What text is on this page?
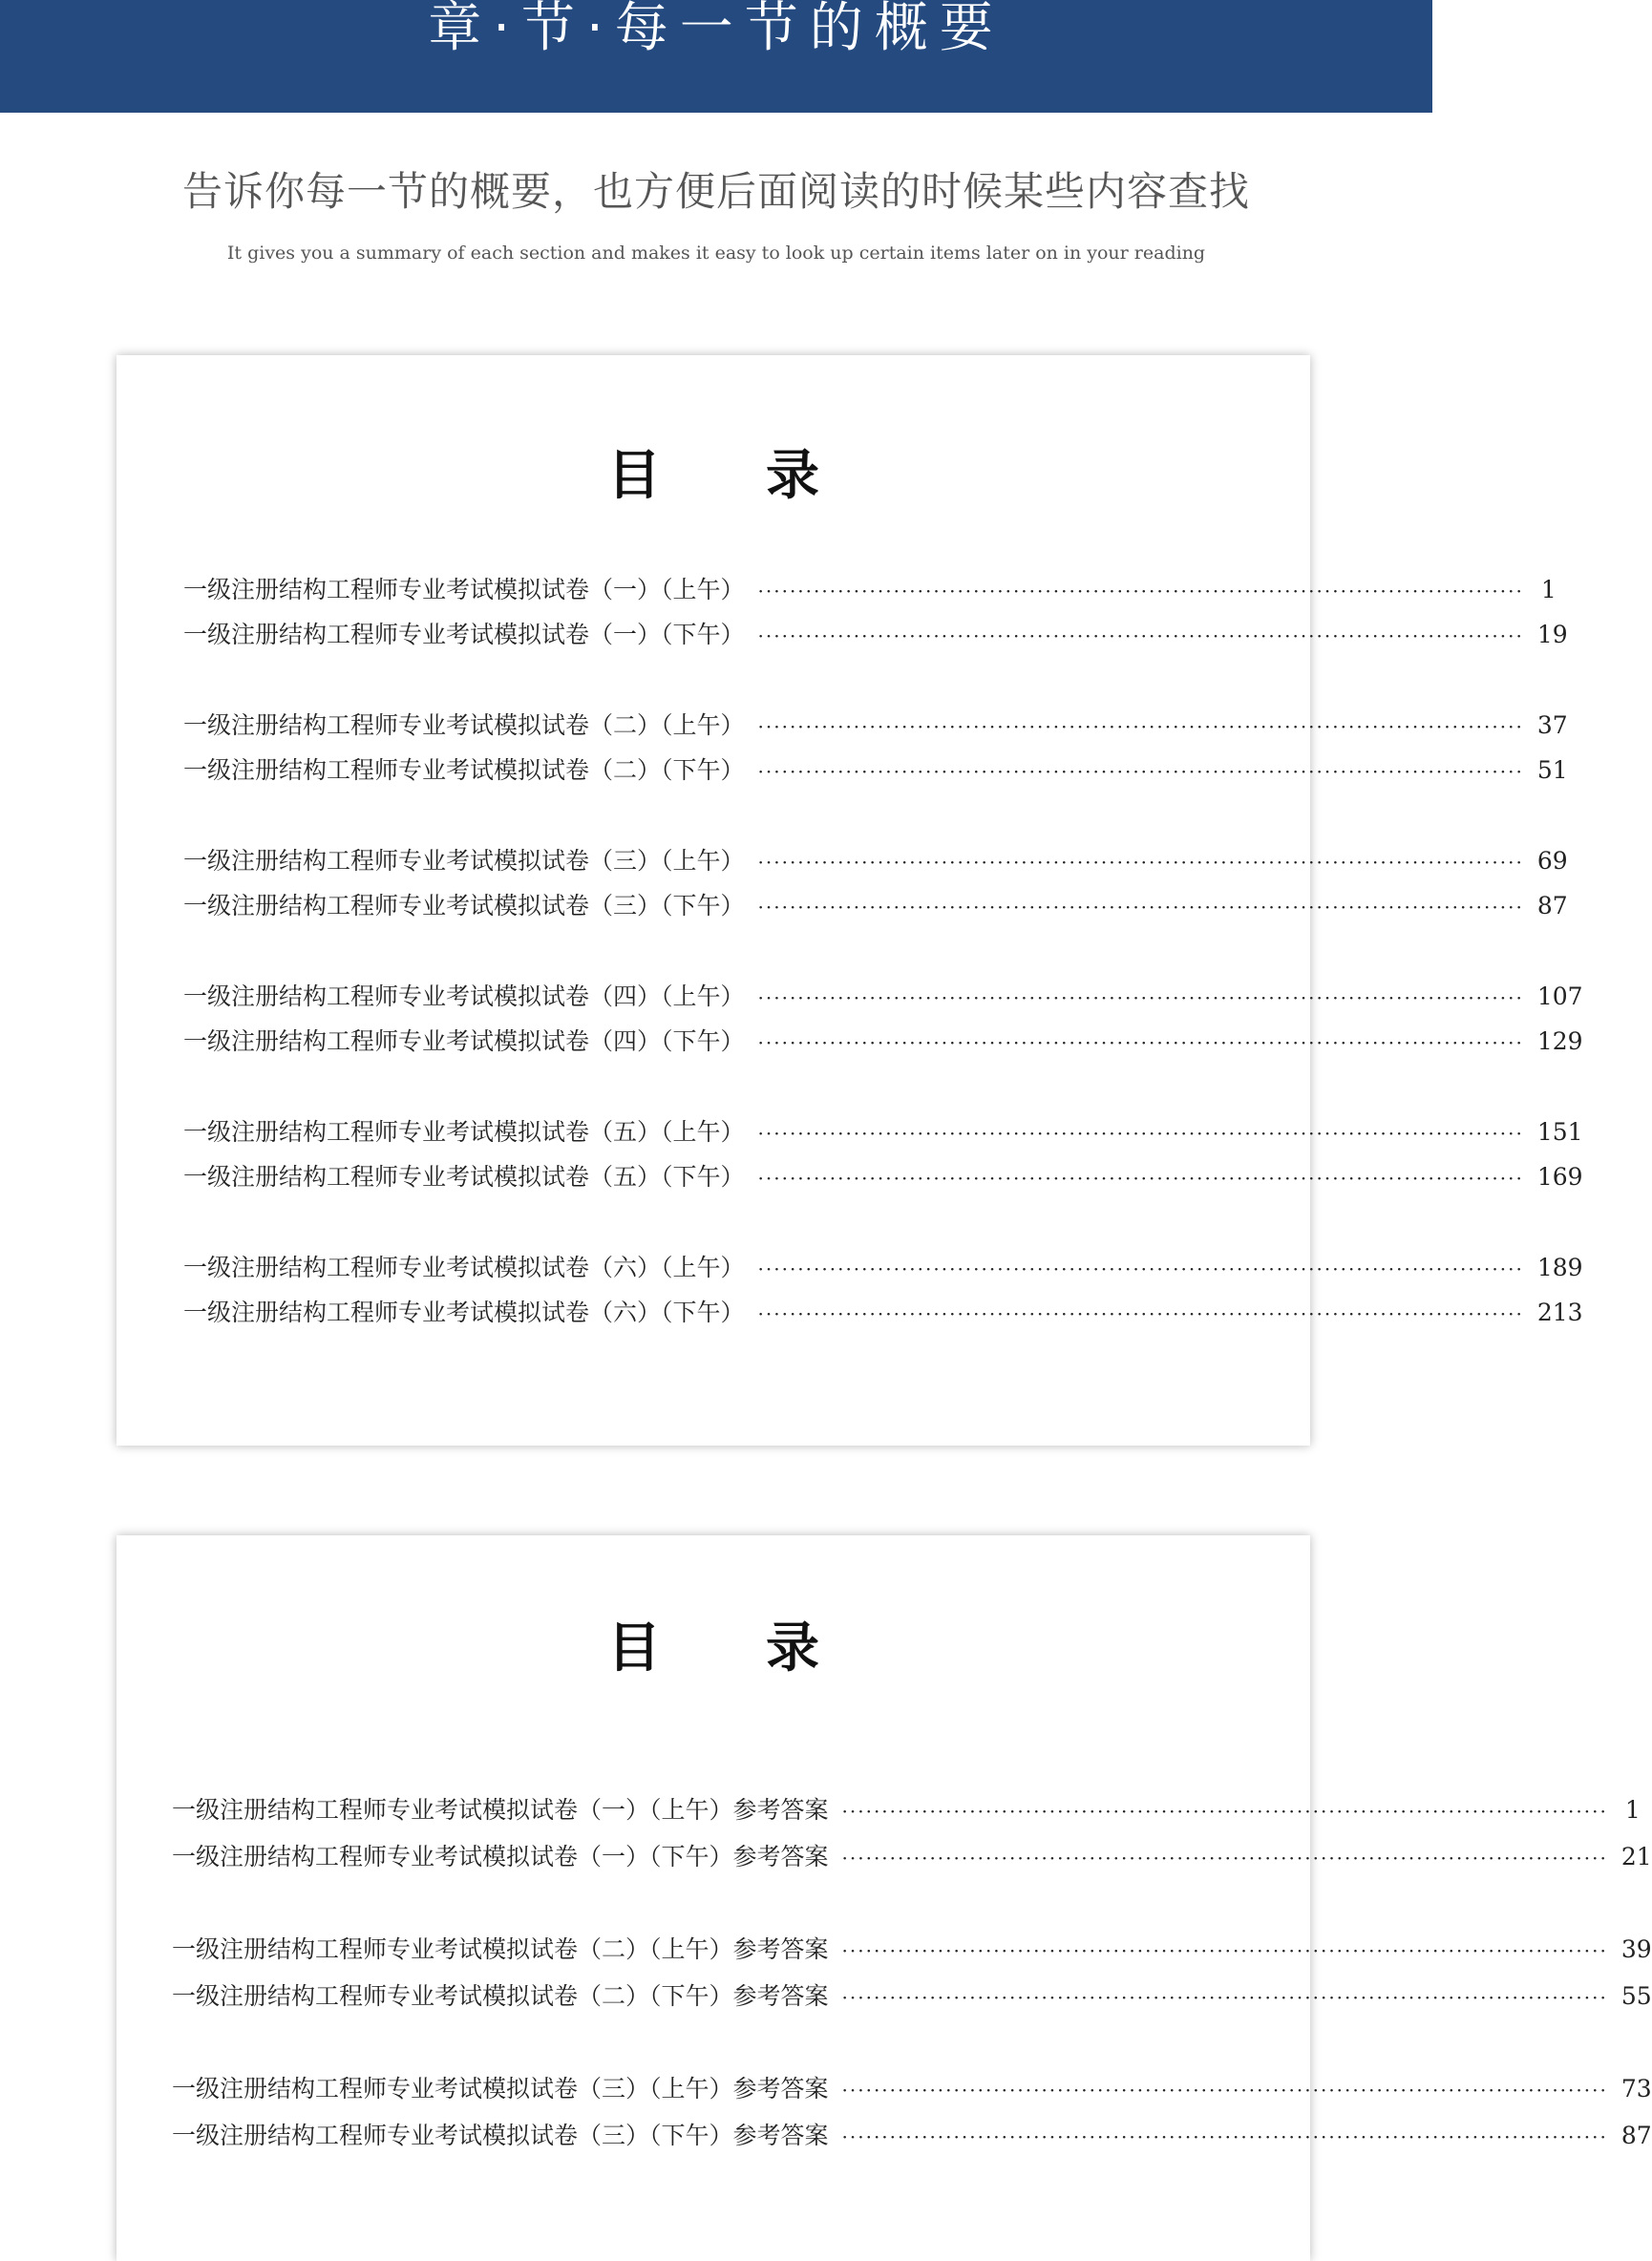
章·节·每一节的概要
告诉你每一节的概要，也方便后面阅读的时候某些内容查找
It gives you a summary of each section and makes it easy to look up certain items later on in your reading
目 录
一级注册结构工程师专业考试模拟试卷（一）（上午） ································································································ 1
一级注册结构工程师专业考试模拟试卷（一）（下午） ································································································ 19
一级注册结构工程师专业考试模拟试卷（二）（上午） ································································································ 37
一级注册结构工程师专业考试模拟试卷（二）（下午） ································································································ 51
一级注册结构工程师专业考试模拟试卷（三）（上午） ································································································ 69
一级注册结构工程师专业考试模拟试卷（三）（下午） ································································································ 87
一级注册结构工程师专业考试模拟试卷（四）（上午） ································································································ 107
一级注册结构工程师专业考试模拟试卷（四）（下午） ································································································ 129
一级注册结构工程师专业考试模拟试卷（五）（上午） ································································································ 151
一级注册结构工程师专业考试模拟试卷（五）（下午） ································································································ 169
一级注册结构工程师专业考试模拟试卷（六）（上午） ································································································ 189
一级注册结构工程师专业考试模拟试卷（六）（下午） ································································································ 213
目 录
一级注册结构工程师专业考试模拟试卷（一）（上午）参考答案 ································································································ 1
一级注册结构工程师专业考试模拟试卷（一）（下午）参考答案 ································································································ 21
一级注册结构工程师专业考试模拟试卷（二）（上午）参考答案 ································································································ 39
一级注册结构工程师专业考试模拟试卷（二）（下午）参考答案 ································································································ 55
一级注册结构工程师专业考试模拟试卷（三）（上午）参考答案 ································································································ 73
一级注册结构工程师专业考试模拟试卷（三）（下午）参考答案 ································································································ 87
